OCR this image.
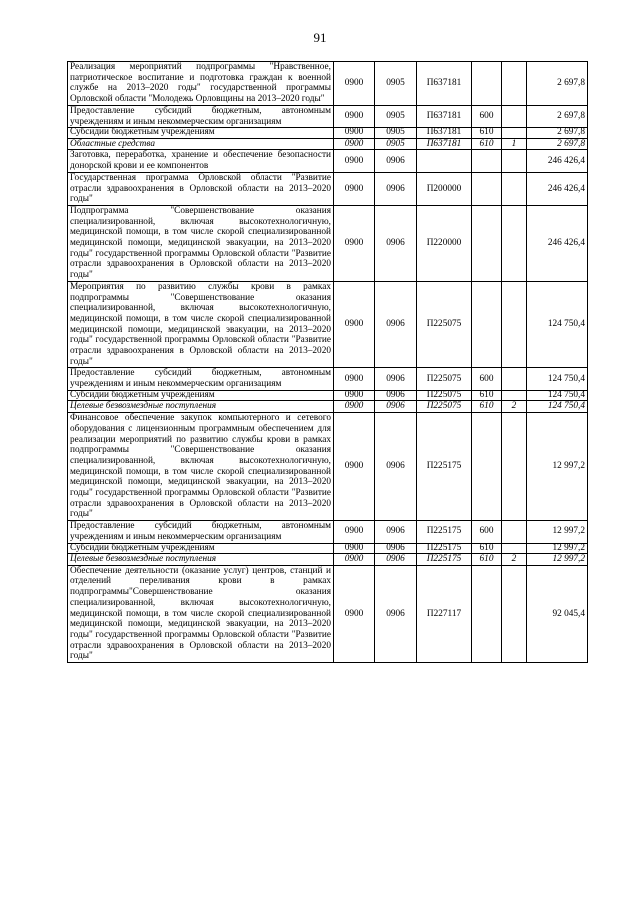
91
Реализация мероприятий подпрограммы "Нравственное, патриотическое воспитание и подготовка граждан к военной службе на 2013–2020 годы" государственной программы Орловской области "Молодежь Орловщины на 2013–2020 годы"	0900	0905	П637181			2 697,8
Предоставление субсидий бюджетным, автономным учреждениям и иным некоммерческим организациям	0900	0905	П637181	600		2 697,8
Субсидии бюджетным учреждениям	0900	0905	П637181	610		2 697,8
Областные средства	0900	0905	П637181	610	1	2 697,8
Заготовка, переработка, хранение и обеспечение безопасности донорской крови и ее компонентов	0900	0906				246 426,4
Государственная программа Орловской области "Развитие отрасли здравоохранения в Орловской области на 2013–2020 годы"	0900	0906	П200000			246 426,4
Подпрограмма "Совершенствование оказания специализированной, включая высокотехнологичную, медицинской помощи, в том числе скорой специализированной медицинской помощи, медицинской эвакуации, на 2013–2020 годы" государственной программы Орловской области "Развитие отрасли здравоохранения в Орловской области на 2013–2020 годы"	0900	0906	П220000			246 426,4
Мероприятия по развитию службы крови в рамках подпрограммы "Совершенствование оказания специализированной, включая высокотехнологичную, медицинской помощи, в том числе скорой специализированной медицинской помощи, медицинской эвакуации, на 2013–2020 годы" государственной программы Орловской области "Развитие отрасли здравоохранения в Орловской области на 2013–2020 годы"	0900	0906	П225075			124 750,4
Предоставление субсидий бюджетным, автономным учреждениям и иным некоммерческим организациям	0900	0906	П225075	600		124 750,4
Субсидии бюджетным учреждениям	0900	0906	П225075	610		124 750,4
Целевые безвозмездные поступления	0900	0906	П225075	610	2	124 750,4
Финансовое обеспечение закупок компьютерного и сетевого оборудования с лицензионным программным обеспечением для реализации мероприятий по развитию службы крови в рамках подпрограммы "Совершенствование оказания специализированной, включая высокотехнологичную, медицинской помощи, в том числе скорой специализированной медицинской помощи, медицинской эвакуации, на 2013–2020 годы" государственной программы Орловской области "Развитие отрасли здравоохранения в Орловской области на 2013–2020 годы"	0900	0906	П225175			12 997,2
Предоставление субсидий бюджетным, автономным учреждениям и иным некоммерческим организациям	0900	0906	П225175	600		12 997,2
Субсидии бюджетным учреждениям	0900	0906	П225175	610		12 997,2
Целевые безвозмездные поступления	0900	0906	П225175	610	2	12 997,2
Обеспечение деятельности (оказание услуг) центров, станций и отделений переливания крови в рамках подпрограммы"Совершенствование оказания специализированной, включая высокотехнологичную, медицинской помощи, в том числе скорой специализированной медицинской помощи, медицинской эвакуации, на 2013–2020 годы" государственной программы Орловской области "Развитие отрасли здравоохранения в Орловской области на 2013–2020 годы"	0900	0906	П227117			92 045,4
